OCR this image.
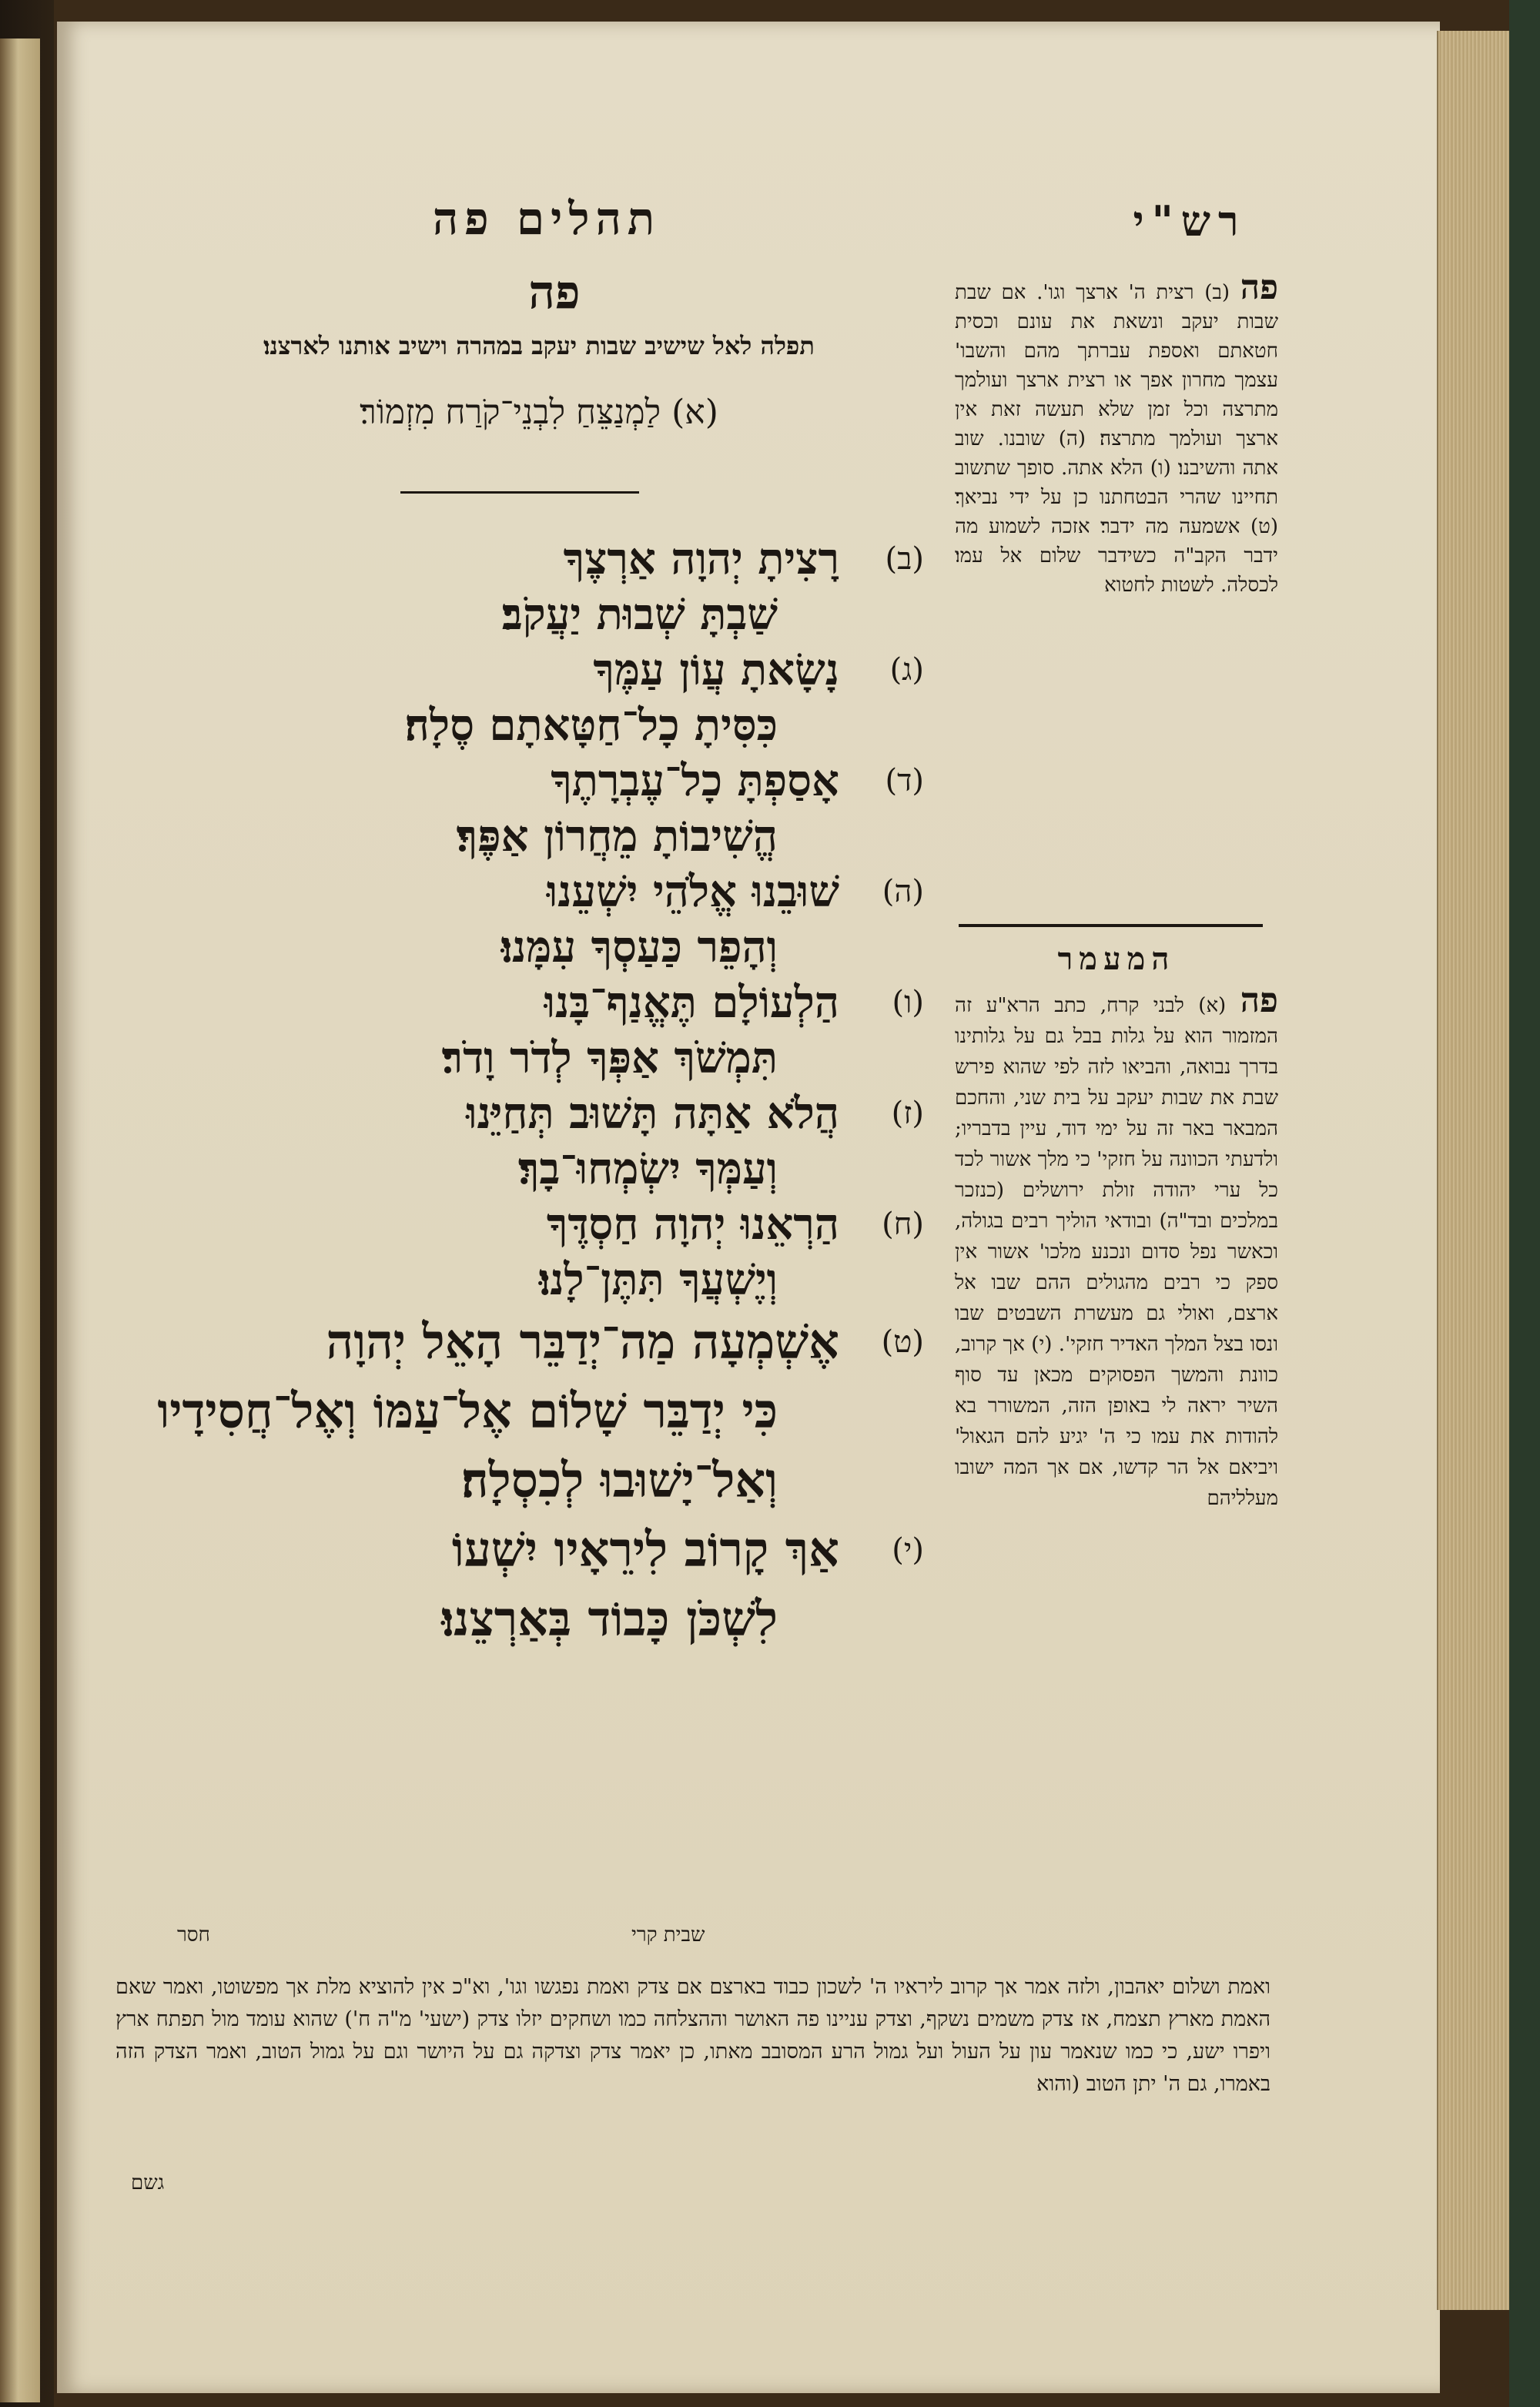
תהלים פה	רש"י
פה
תפלה לאל שישיב שבות יעקב במהרה וישיב אותנו לארצנו׃
(א) לַמְנַצֵּחַ לִבְנֵי־קֹרַח מִזְמוֹר׃
(ב)
רָצִיתָ יְהוָה אַרְצֶךָ
שַׁבְתָּ שְׁבוּת יַעֲקֹב׃
(ג)
נָשָׂאתָ עֲוֹן עַמֶּךָ
כִּסִּיתָ כָל־חַטָּאתָם סֶלָה׃
(ד)
אָסַפְתָּ כָל־עֶבְרָתֶךָ
הֱשִׁיבוֹתָ מֵחֲרוֹן אַפֶּךָ׃
(ה)
שׁוּבֵנוּ אֱלֹהֵי יִשְׁעֵנוּ
וְהָפֵר כַּעַסְךָ עִמָּנוּ׃
(ו)
הַלְעוֹלָם תֶּאֱנַף־בָּנוּ
תִּמְשֹׁךְ אַפְּךָ לְדֹר וָדֹר׃
(ז)
הֲלֹא אַתָּה תָּשׁוּב תְּחַיֵּנוּ
וְעַמְּךָ יִשְׂמְחוּ־בָךְ׃
(ח)
הַרְאֵנוּ יְהוָה חַסְדֶּךָ
וְיֶשְׁעֲךָ תִּתֶּן־לָנוּ׃
(ט)
אֶשְׁמְעָה מַה־יְדַבֵּר הָאֵל יְהוָה
כִּי יְדַבֵּר שָׁלוֹם אֶל־עַמּוֹ וְאֶל־חֲסִידָיו
וְאַל־יָשׁוּבוּ לְכִסְלָה׃
(י)
אַךְ קָרוֹב לִירֵאָיו יִשְׁעוֹ
לִשְׁכֹּן כָּבוֹד בְּאַרְצֵנוּ׃
חסר	שבית קרי
פה (ב) רצית ה' ארצך וגו'. אם שבת שבות יעקב ונשאת את עונם וכסית חטאתם ואספת עברתך מהם והשבו' עצמך מחרון אפך או רצית ארצך ועולמך מתרצה וכל זמן שלא תעשה זאת אין ארצך ועולמך מתרצה׃ (ה) שובנו. שוב אתה והשיבנו׃ (ו) הלא אתה. סופך שתשוב תחיינו שהרי הבטחתנו כן על ידי נביאך׃ (ט) אשמעה מה ידבר׃ אזכה לשמוע מה ידבר הקב"ה כשידבר שלום אל עמו׃ לכסלה. לשטות לחטוא
המעמר
פה (א) לבני קרח, כתב הרא"ע זה המזמור הוא על גלות בבל גם על גלותינו בדרך נבואה, והביאו לזה לפי שהוא פירש שבת את שבות יעקב על בית שני, והחכם המבאר באר זה על ימי דוד, עיין בדבריו; ולדעתי הכוונה על חזקי' כי מלך אשור לכד כל ערי יהודה זולת ירושלים (כנזכר במלכים ובד"ה) ובודאי הוליך רבים בגולה, וכאשר נפל סדום ונכנע מלכו' אשור אין ספק כי רבים מהגולים ההם שבו אל ארצם, ואולי גם מעשרת השבטים שבו ונסו בצל המלך האדיר חזקי'. (י) אך קרוב, כוונת והמשך הפסוקים מכאן עד סוף השיר יראה לי באופן הזה, המשורר בא להודות את עמו כי ה' יגיע להם הגאול' ויביאם אל הר קדשו, אם אך המה ישובו מעלליהם
ואמת ושלום יאהבון, ולזה אמר אך קרוב ליראיו ה' לשכון כבוד בארצם אם צדק ואמת נפגשו וגו', וא"כ אין להוציא מלת אך מפשוטו, ואמר שאם האמת מארץ תצמח, אז צדק משמים נשקף, וצדק עניינו פה האושר וההצלחה כמו ושחקים יזלו צדק (ישעי' מ"ה ח') שהוא עומד מול תפתח ארץ ויפרו ישע, כי כמו שנאמר עון על העול ועל גמול הרע המסובב מאתו, כן יאמר צדק וצדקה גם על היושר וגם על גמול הטוב, ואמר הצדק הזה באמרו, גם ה' יתן הטוב (והוא
גשם
